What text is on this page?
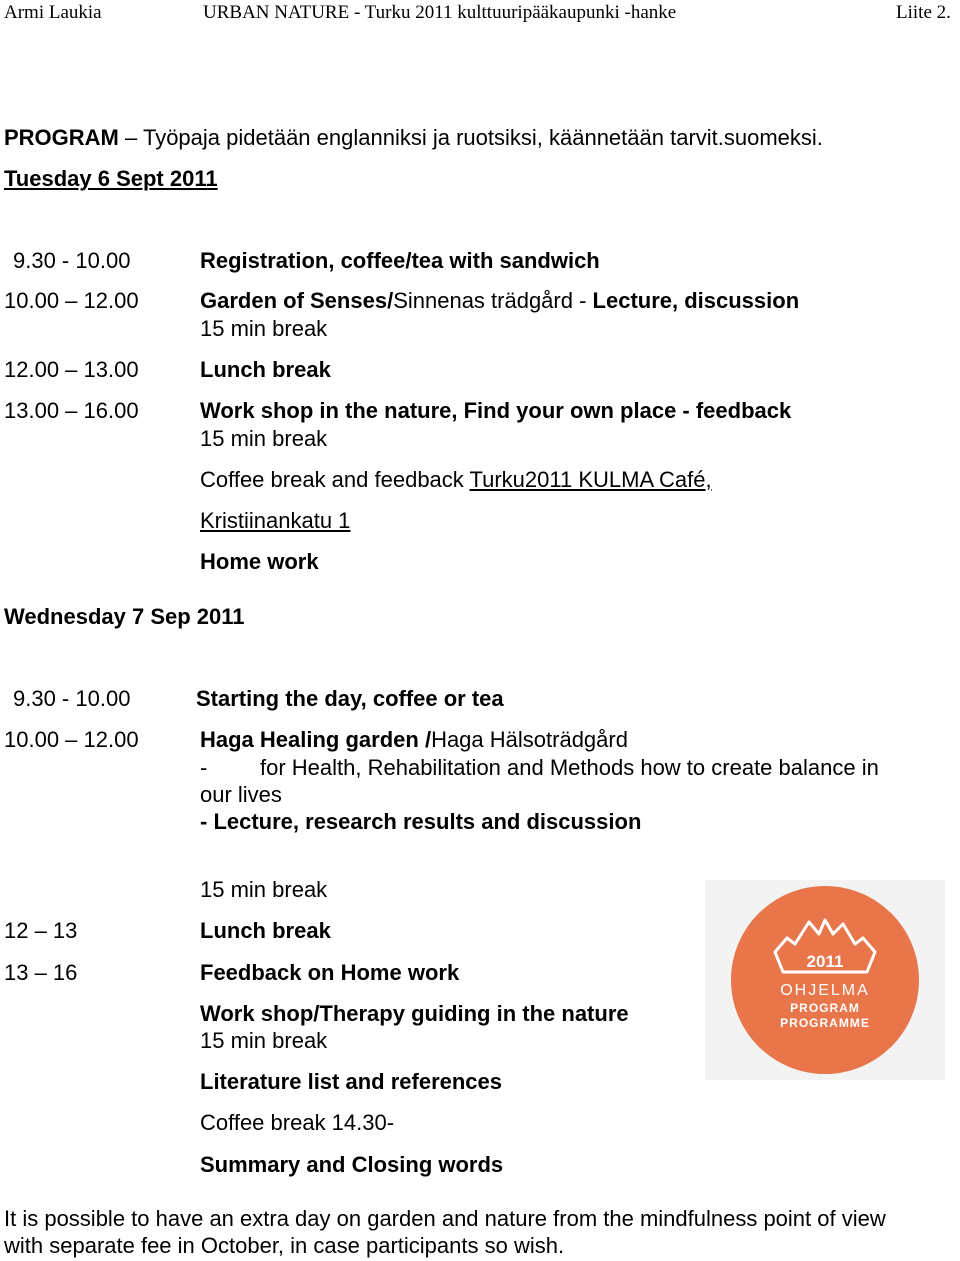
Armi Laukia	URBAN NATURE - Turku 2011 kulttuuripääkaupunki -hanke	Liite 2.
PROGRAM – Työpaja pidetään englanniksi ja ruotsiksi, käännetään tarvit.suomeksi.
Tuesday 6 Sept 2011
9.30 - 10.00	Registration, coffee/tea with sandwich
10.00 – 12.00	Garden of Senses/Sinnenas trädgård - Lecture, discussion
15 min break
12.00 – 13.00	Lunch break
13.00 – 16.00	Work shop in the nature, Find your own place - feedback
15 min break
Coffee break and feedback Turku2011 KULMA Café,
Kristiinankatu 1
Home work
Wednesday 7 Sep 2011
9.30 - 10.00	Starting the day, coffee or tea
10.00 – 12.00	Haga Healing garden /Haga Hälsoträdgård
- for Health, Rehabilitation and Methods how to create balance in
our lives
- Lecture, research results and discussion
15 min break
12 – 13	Lunch break
13 – 16	Feedback on Home work
Work shop/Therapy guiding in the nature
15 min break
Literature list and references
Coffee break 14.30-
Summary and Closing words
It is possible to have an extra day on garden and nature from the mindfulness point of view
with separate fee in October, in case participants so wish.
2011
OHJELMA
PROGRAM
PROGRAMME
